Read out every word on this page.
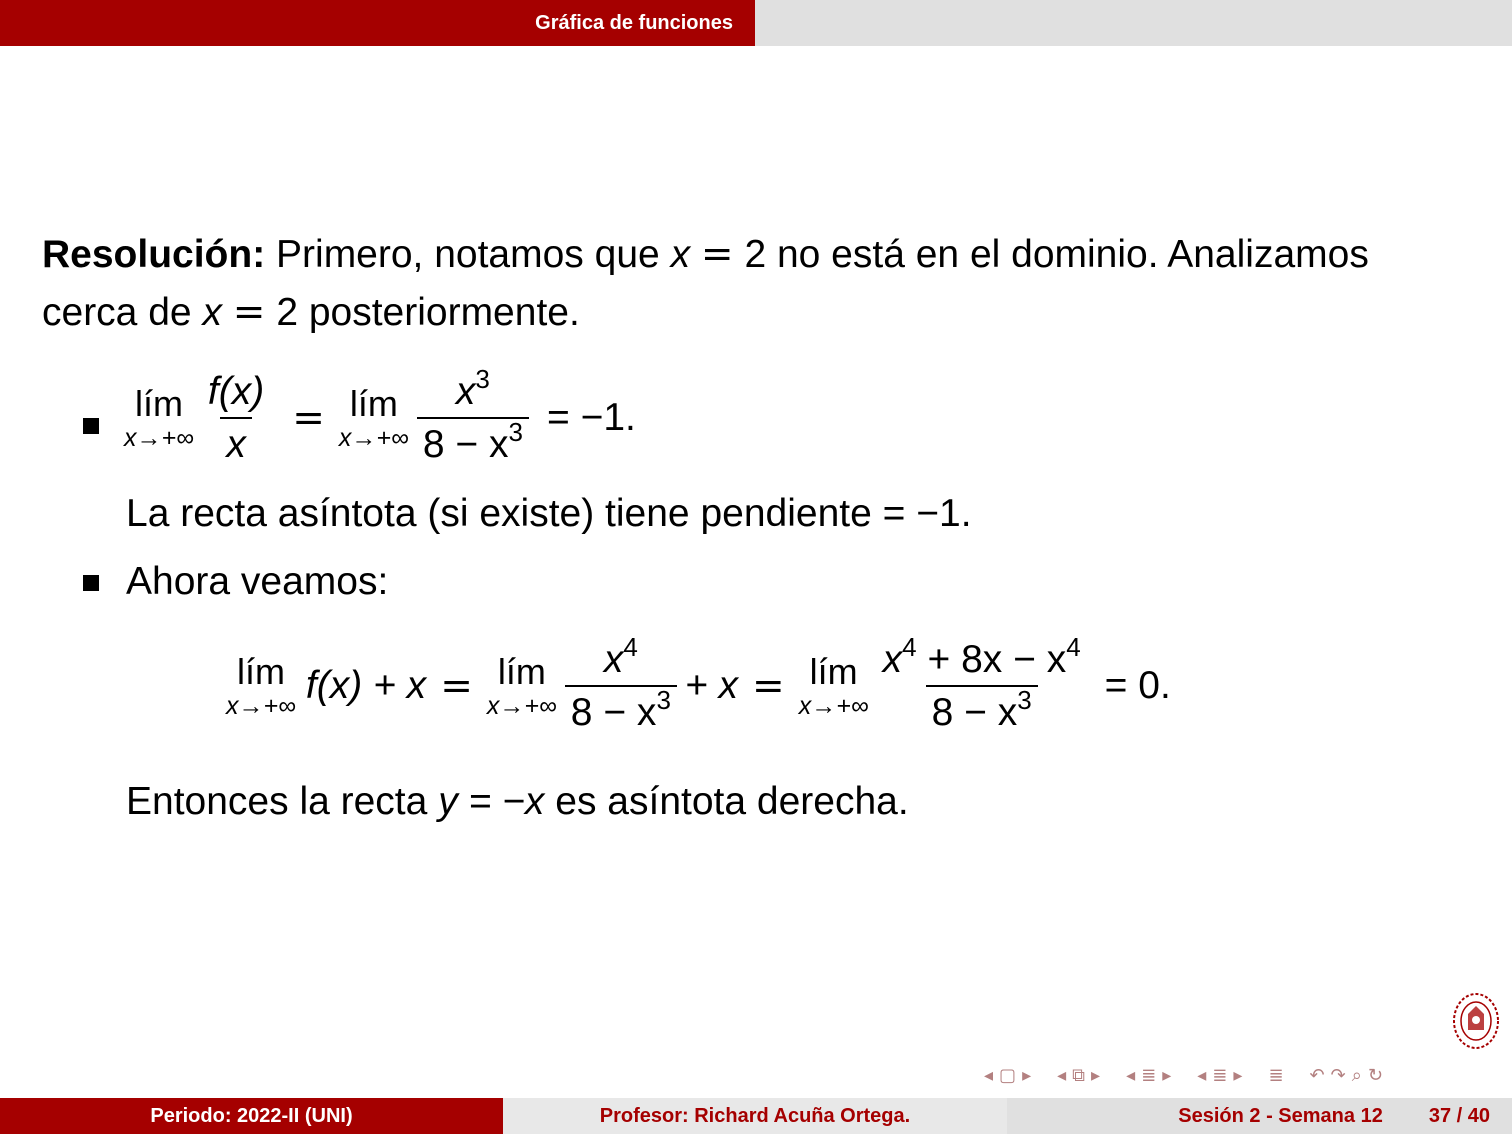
Gráfica de funciones
Resolución: Primero, notamos que x = 2 no está en el dominio. Analizamos
cerca de x = 2 posteriormente.
lím
$x\to+\infty \frac{f(x)}{x}$ = lím
$x\to+\infty \frac{x^3}{8 - x^3} = -1$.
La recta asíntota (si existe) tiene pendiente = −1.
Ahora veamos:
lím
x→+∞ f(x) + x = lím
$x\to+\infty \frac{x^4}{8 - x^3} + x$ = lím
$x\to+\infty \frac{x^4 + 8x - x^4}{8 - x^3} = 0$.
Entonces la recta y = −x es asíntota derecha.
◂ ▢ ▸ ◂ ⧉ ▸ ◂ ≣ ▸ ◂ ≣ ▸ ≣ ↶ ↷ ⌕ ↻
Periodo: 2022-II (UNI)	Profesor: Richard Acuña Ortega.	Sesión 2 - Semana 12 37 / 40
